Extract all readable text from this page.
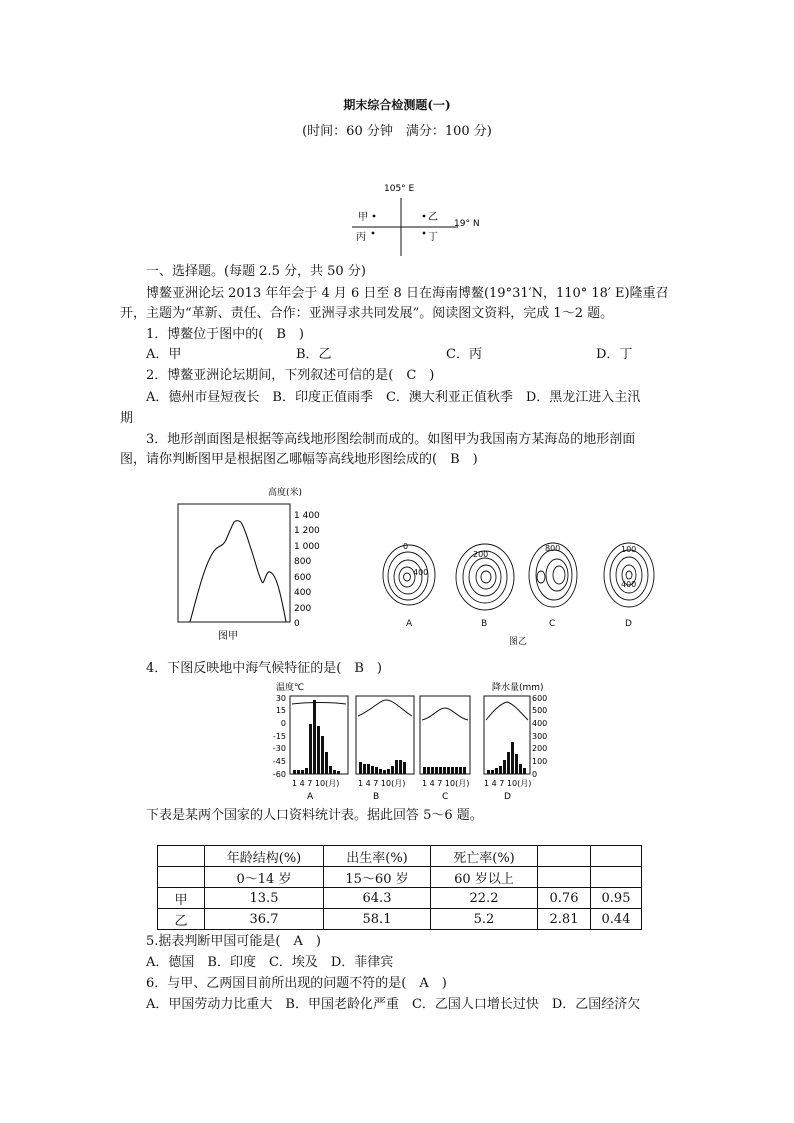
期末综合检测题(一)
(时间：60 分钟　满分：100 分)
105° E
19° N
甲	乙
丙	丁
一、选择题。(每题 2.5 分，共 50 分)
博鳌亚洲论坛 2013 年年会于 4 月 6 日至 8 日在海南博鳌(19°31′N，110° 18′ E)隆重召
开，主题为“革新、责任、合作：亚洲寻求共同发展”。阅读图文资料，完成 1～2 题。
1．博鳌位于图中的(　B　)
A．甲	B．乙	C．丙	D．丁
2．博鳌亚洲论坛期间，下列叙述可信的是(　C　)
A．德州市昼短夜长　B．印度正值雨季　C．澳大利亚正值秋季　D．黑龙江进入主汛
期
3．地形剖面图是根据等高线地形图绘制而成的。如图甲为我国南方某海岛的地形剖面
图，请你判断图甲是根据图乙哪幅等高线地形图绘成的(　B　)
高度(米)
1 400
1 200
1 000
800
600
400
200
0
图甲
0
400
200
800	100
400
A	B	C	D
图乙
4．下图反映地中海气候特征的是(　B　)
温度℃	降水量(mm)
30
15
0
-15
-30
-45
-60
600
500
400
300
200
100
0
1 4 7 10(月) 1 4 7 10(月) 1 4 7 10(月) 1 4 7 10(月)
A	B	C	D
下表是某两个国家的人口资料统计表。据此回答 5～6 题。
	年龄结构(%)	出生率(%)	死亡率(%)		
	0～14 岁	15～60 岁	60 岁以上		
甲	13.5	64.3	22.2	0.76	0.95
乙	36.7	58.1	5.2	2.81	0.44
5.据表判断甲国可能是(　A　)
A．德国　B．印度　C．埃及　D．菲律宾
6．与甲、乙两国目前所出现的问题不符的是(　A　)
A．甲国劳动力比重大　B．甲国老龄化严重　C．乙国人口增长过快　D．乙国经济欠
